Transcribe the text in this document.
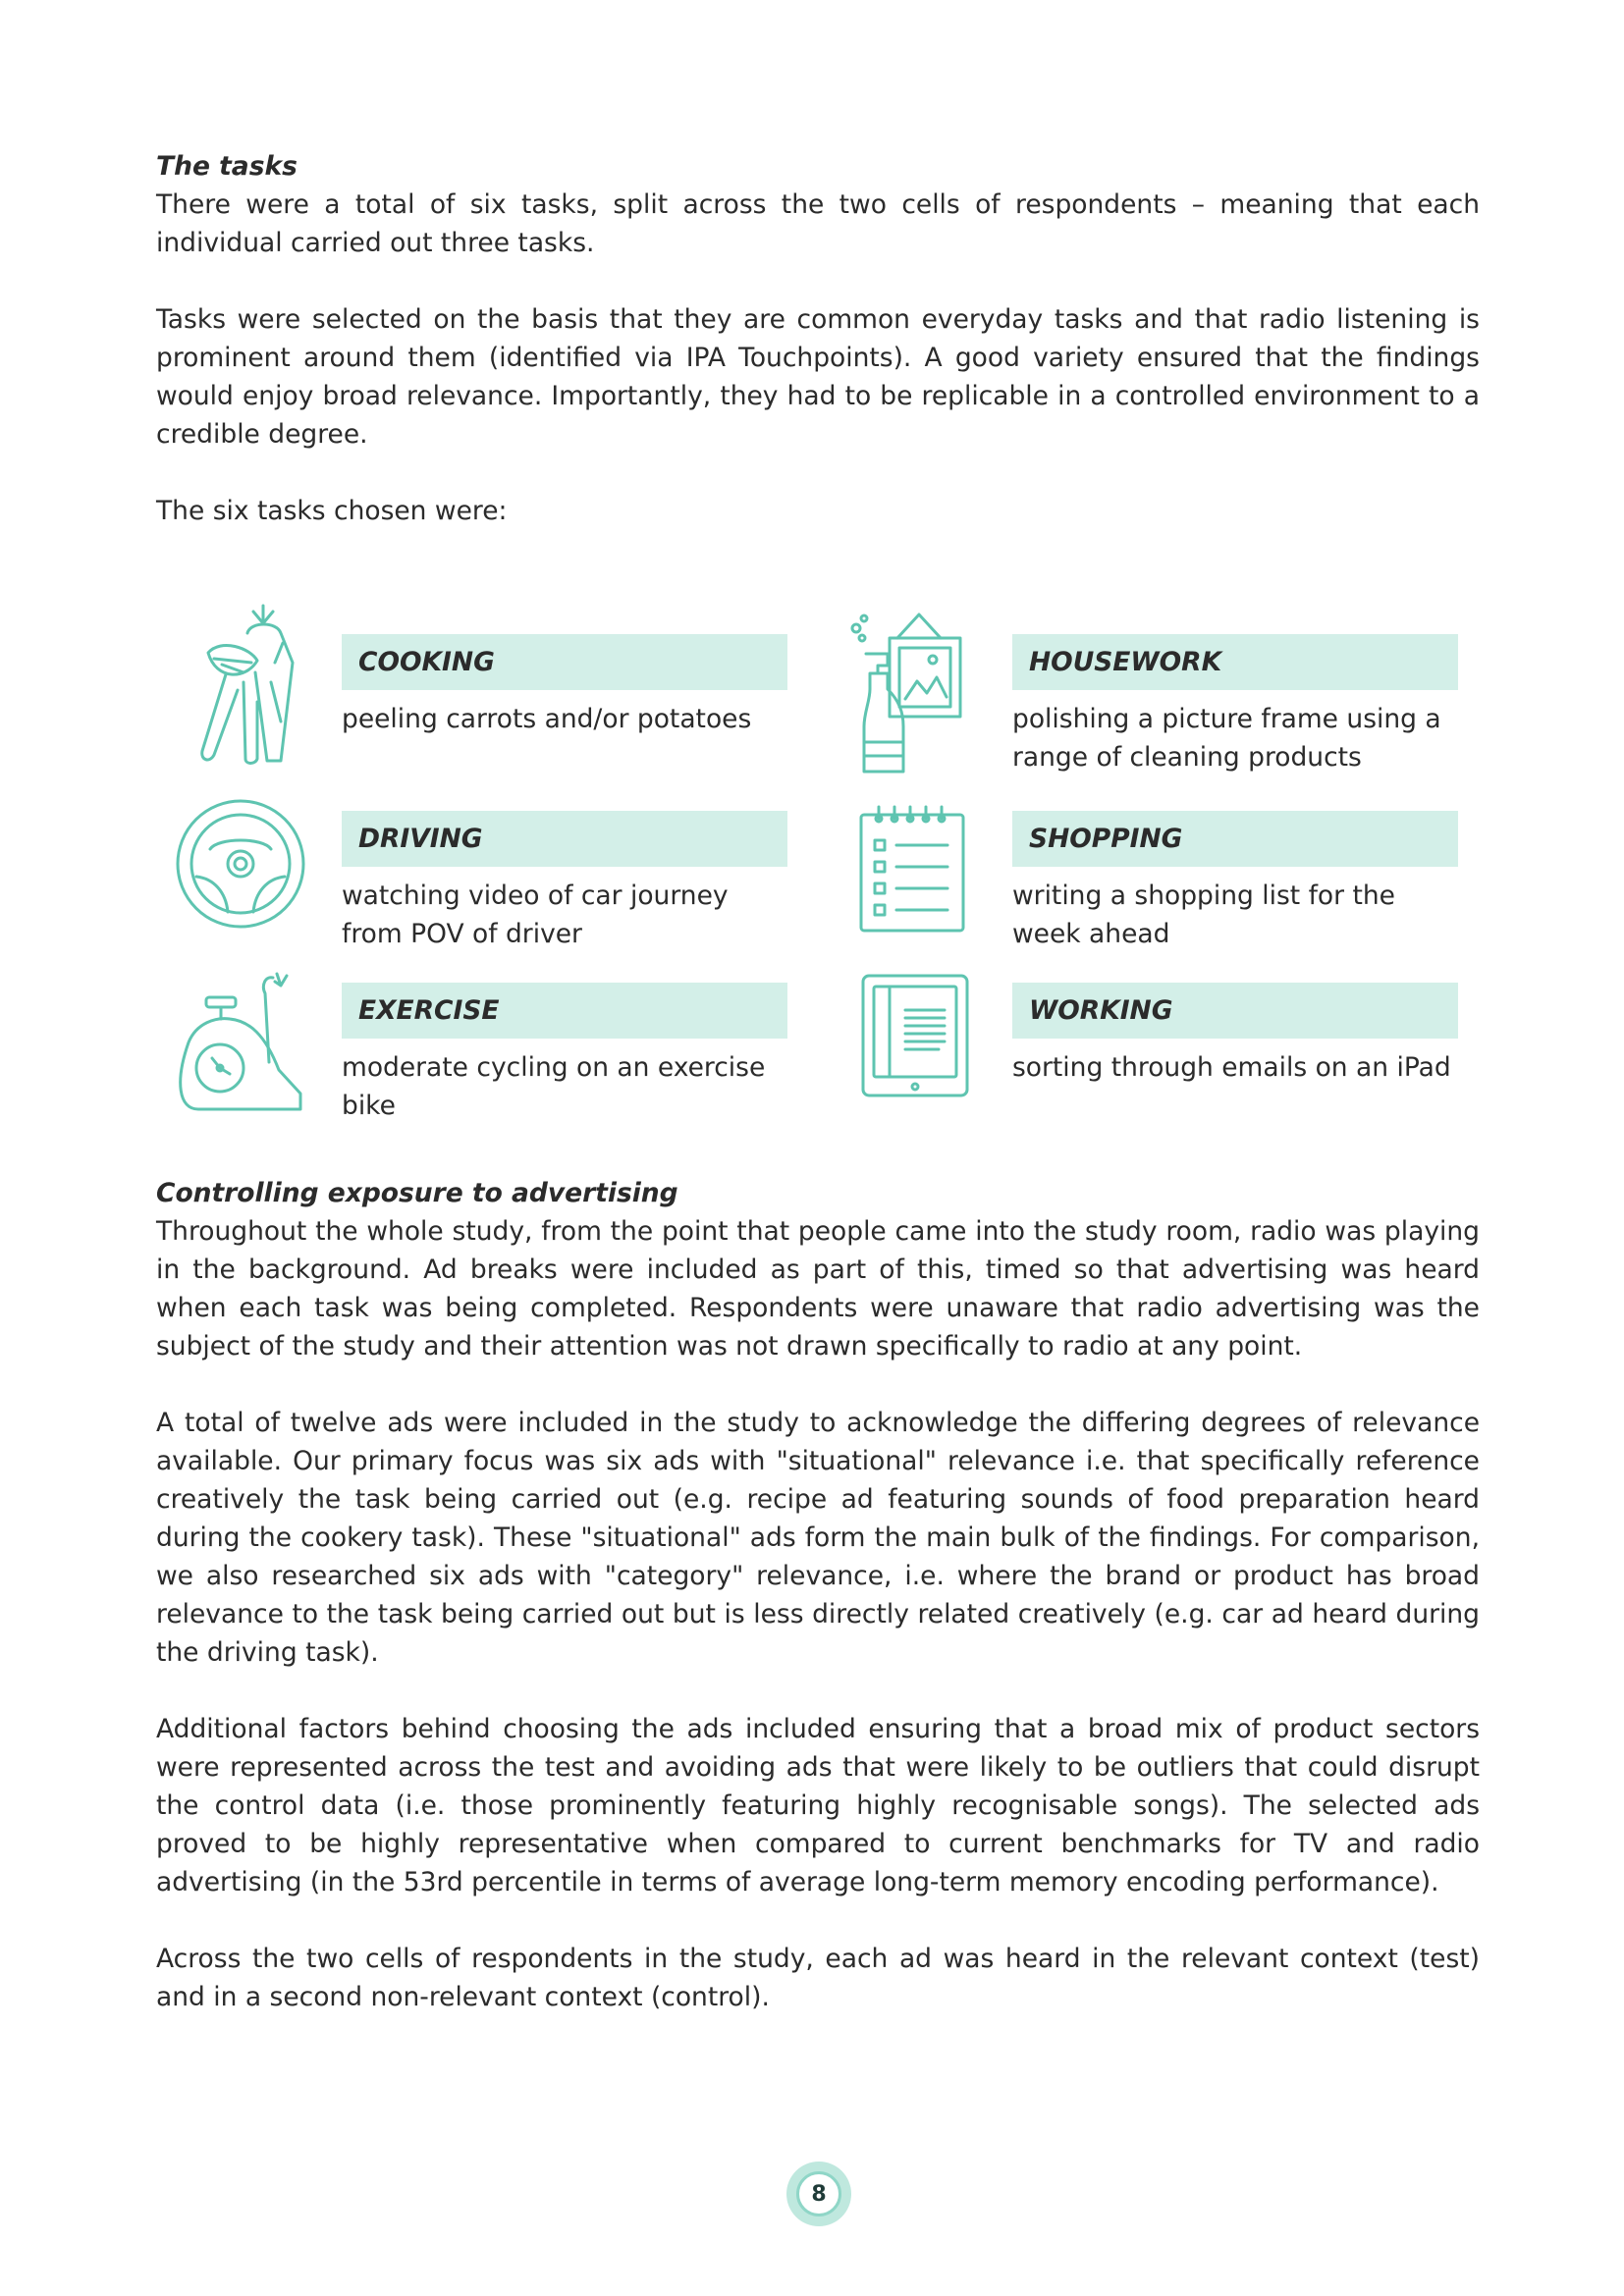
The tasks

There were a total of six tasks, split across the two cells of respondents – meaning that each individual carried out three tasks.

Tasks were selected on the basis that they are common everyday tasks and that radio listening is prominent around them (identified via IPA Touchpoints). A good variety ensured that the findings would enjoy broad relevance. Importantly, they had to be replicable in a controlled environment to a credible degree.

The six tasks chosen were:

COOKING
peeling carrots and/or potatoes
HOUSEWORK
polishing a picture frame using a range of cleaning products
DRIVING
watching video of car journey from POV of driver
SHOPPING
writing a shopping list for the week ahead
EXERCISE
moderate cycling on an exercise bike
WORKING
sorting through emails on an iPad

Controlling exposure to advertising

Throughout the whole study, from the point that people came into the study room, radio was playing in the background. Ad breaks were included as part of this, timed so that advertising was heard when each task was being completed. Respondents were unaware that radio advertising was the subject of the study and their attention was not drawn specifically to radio at any point.

A total of twelve ads were included in the study to acknowledge the differing degrees of relevance available. Our primary focus was six ads with "situational" relevance i.e. that specifically reference creatively the task being carried out (e.g. recipe ad featuring sounds of food preparation heard during the cookery task). These "situational" ads form the main bulk of the findings. For comparison, we also researched six ads with "category" relevance, i.e. where the brand or product has broad relevance to the task being carried out but is less directly related creatively (e.g. car ad heard during the driving task).

Additional factors behind choosing the ads included ensuring that a broad mix of product sectors were represented across the test and avoiding ads that were likely to be outliers that could disrupt the control data (i.e. those prominently featuring highly recognisable songs). The selected ads proved to be highly representative when compared to current benchmarks for TV and radio advertising (in the 53rd percentile in terms of average long-term memory encoding performance).

Across the two cells of respondents in the study, each ad was heard in the relevant context (test) and in a second non-relevant context (control).

8
